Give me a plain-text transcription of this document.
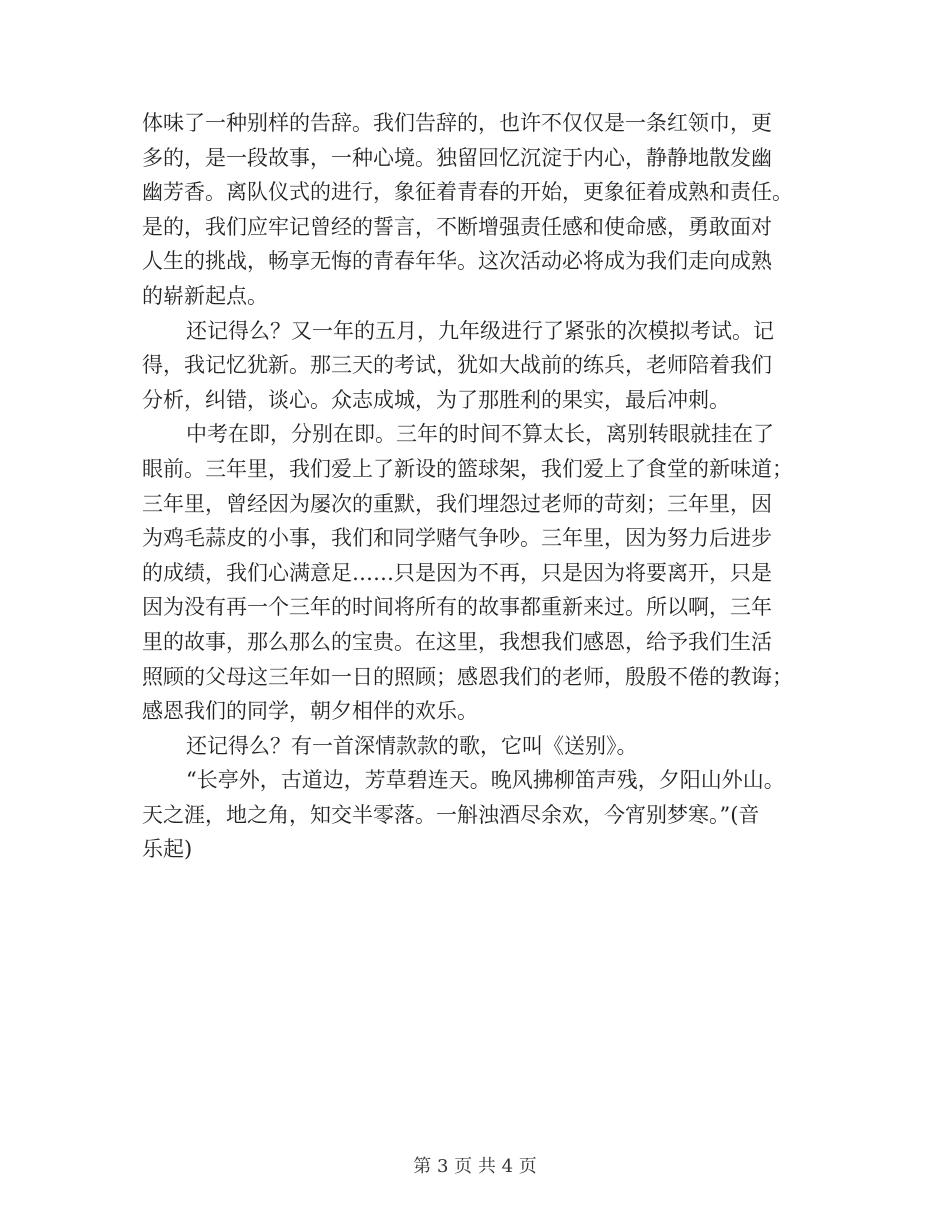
体味了一种别样的告辞。我们告辞的，也许不仅仅是一条红领巾，更
多的，是一段故事，一种心境。独留回忆沉淀于内心，静静地散发幽
幽芳香。离队仪式的进行，象征着青春的开始，更象征着成熟和责任。
是的，我们应牢记曾经的誓言，不断增强责任感和使命感，勇敢面对
人生的挑战，畅享无悔的青春年华。这次活动必将成为我们走向成熟
的崭新起点。

还记得么？又一年的五月，九年级进行了紧张的次模拟考试。记
得，我记忆犹新。那三天的考试，犹如大战前的练兵，老师陪着我们
分析，纠错，谈心。众志成城，为了那胜利的果实，最后冲刺。

中考在即，分别在即。三年的时间不算太长，离别转眼就挂在了
眼前。三年里，我们爱上了新设的篮球架，我们爱上了食堂的新味道；
三年里，曾经因为屡次的重默，我们埋怨过老师的苛刻；三年里，因
为鸡毛蒜皮的小事，我们和同学赌气争吵。三年里，因为努力后进步
的成绩，我们心满意足……只是因为不再，只是因为将要离开，只是
因为没有再一个三年的时间将所有的故事都重新来过。所以啊，三年
里的故事，那么那么的宝贵。在这里，我想我们感恩，给予我们生活
照顾的父母这三年如一日的照顾；感恩我们的老师，殷殷不倦的教诲；
感恩我们的同学，朝夕相伴的欢乐。

还记得么？有一首深情款款的歌，它叫《送别》。

“长亭外，古道边，芳草碧连天。晚风拂柳笛声残，夕阳山外山。
天之涯，地之角，知交半零落。一斛浊酒尽余欢，今宵别梦寒。”(音
乐起)

第 3 页 共 4 页
